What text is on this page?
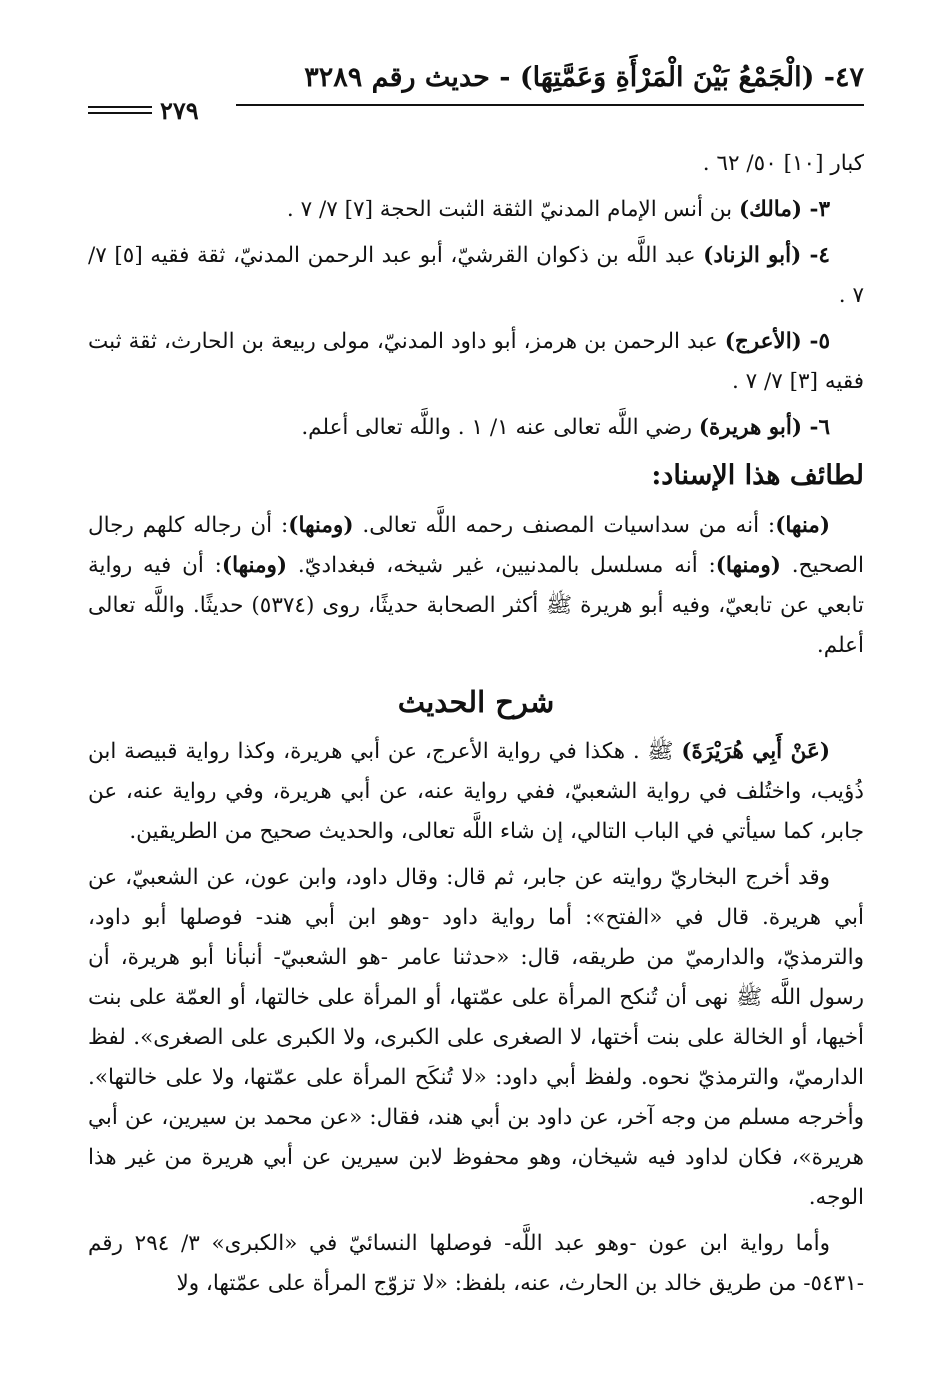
٤٧- (الْجَمْعُ بَيْنَ الْمَرْأَةِ وَعَمَّتِهَا) - حديث رقم ٣٢٨٩
٢٧٩

كبار [١٠] ٥٠/ ٦٢ .

٣- (مالك) بن أنس الإمام المدنيّ الثقة الثبت الحجة [٧] ٧/ ٧ .

٤- (أبو الزناد) عبد اللَّه بن ذكوان القرشيّ، أبو عبد الرحمن المدنيّ، ثقة فقيه [٥] ٧/ ٧ .

٥- (الأعرج) عبد الرحمن بن هرمز، أبو داود المدنيّ، مولى ربيعة بن الحارث، ثقة ثبت فقيه [٣] ٧/ ٧ .

٦- (أبو هريرة) رضي اللَّه تعالى عنه ١/ ١ . واللَّه تعالى أعلم.

لطائف هذا الإسناد:

(منها): أنه من سداسيات المصنف رحمه اللَّه تعالى. (ومنها): أن رجاله كلهم رجال الصحيح. (ومنها): أنه مسلسل بالمدنيين، غير شيخه، فبغداديّ. (ومنها): أن فيه رواية تابعي عن تابعيّ، وفيه أبو هريرة ﷺ أكثر الصحابة حديثًا، روى (٥٣٧٤) حديثًا. واللَّه تعالى أعلم.

شرح الحديث

(عَنْ أَبِي هُرَيْرَةَ) ﷺ . هكذا في رواية الأعرج، عن أبي هريرة، وكذا رواية قبيصة ابن ذُؤيب، واختُلف في رواية الشعبيّ، ففي رواية عنه، عن أبي هريرة، وفي رواية عنه، عن جابر، كما سيأتي في الباب التالي، إن شاء اللَّه تعالى، والحديث صحيح من الطريقين.

وقد أخرج البخاريّ روايته عن جابر، ثم قال: وقال داود، وابن عون، عن الشعبيّ، عن أبي هريرة. قال في «الفتح»: أما رواية داود -وهو ابن أبي هند- فوصلها أبو داود، والترمذيّ، والدارميّ من طريقه، قال: «حدثنا عامر -هو الشعبيّ- أنبأنا أبو هريرة، أن رسول اللَّه ﷺ نهى أن تُنكح المرأة على عمّتها، أو المرأة على خالتها، أو العمّة على بنت أخيها، أو الخالة على بنت أختها، لا الصغرى على الكبرى، ولا الكبرى على الصغرى». لفظ الدارميّ، والترمذيّ نحوه. ولفظ أبي داود: «لا تُنكَح المرأة على عمّتها، ولا على خالتها». وأخرجه مسلم من وجه آخر، عن داود بن أبي هند، فقال: «عن محمد بن سيرين، عن أبي هريرة»، فكان لداود فيه شيخان، وهو محفوظ لابن سيرين عن أبي هريرة من غير هذا الوجه.

وأما رواية ابن عون -وهو عبد اللَّه- فوصلها النسائيّ في «الكبرى» ٣/ ٢٩٤ رقم -٥٤٣١- من طريق خالد بن الحارث، عنه، بلفظ: «لا تزوّج المرأة على عمّتها، ولا
